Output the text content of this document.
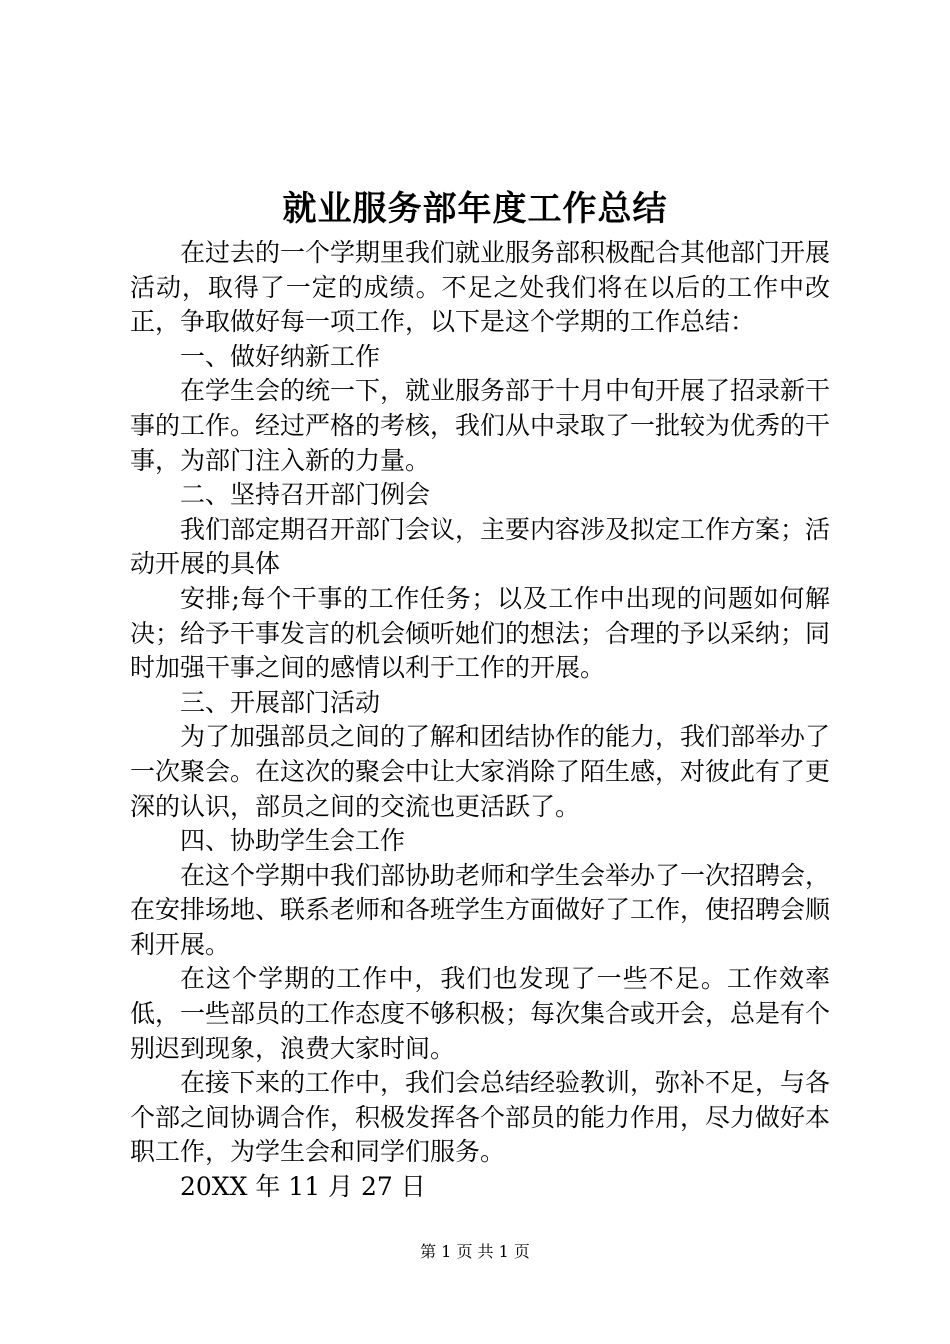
就业服务部年度工作总结

在过去的一个学期里我们就业服务部积极配合其他部门开展活动，取得了一定的成绩。不足之处我们将在以后的工作中改正，争取做好每一项工作，以下是这个学期的工作总结：

一、做好纳新工作

在学生会的统一下，就业服务部于十月中旬开展了招录新干事的工作。经过严格的考核，我们从中录取了一批较为优秀的干事，为部门注入新的力量。

二、坚持召开部门例会

我们部定期召开部门会议，主要内容涉及拟定工作方案；活动开展的具体

安排;每个干事的工作任务；以及工作中出现的问题如何解决；给予干事发言的机会倾听她们的想法；合理的予以采纳；同时加强干事之间的感情以利于工作的开展。

三、开展部门活动

为了加强部员之间的了解和团结协作的能力，我们部举办了一次聚会。在这次的聚会中让大家消除了陌生感，对彼此有了更深的认识，部员之间的交流也更活跃了。

四、协助学生会工作

在这个学期中我们部协助老师和学生会举办了一次招聘会，在安排场地、联系老师和各班学生方面做好了工作，使招聘会顺利开展。

在这个学期的工作中，我们也发现了一些不足。工作效率低，一些部员的工作态度不够积极；每次集合或开会，总是有个别迟到现象，浪费大家时间。

在接下来的工作中，我们会总结经验教训，弥补不足，与各个部之间协调合作，积极发挥各个部员的能力作用，尽力做好本职工作，为学生会和同学们服务。

20XX 年 11 月 27 日

第 1 页 共 1 页
